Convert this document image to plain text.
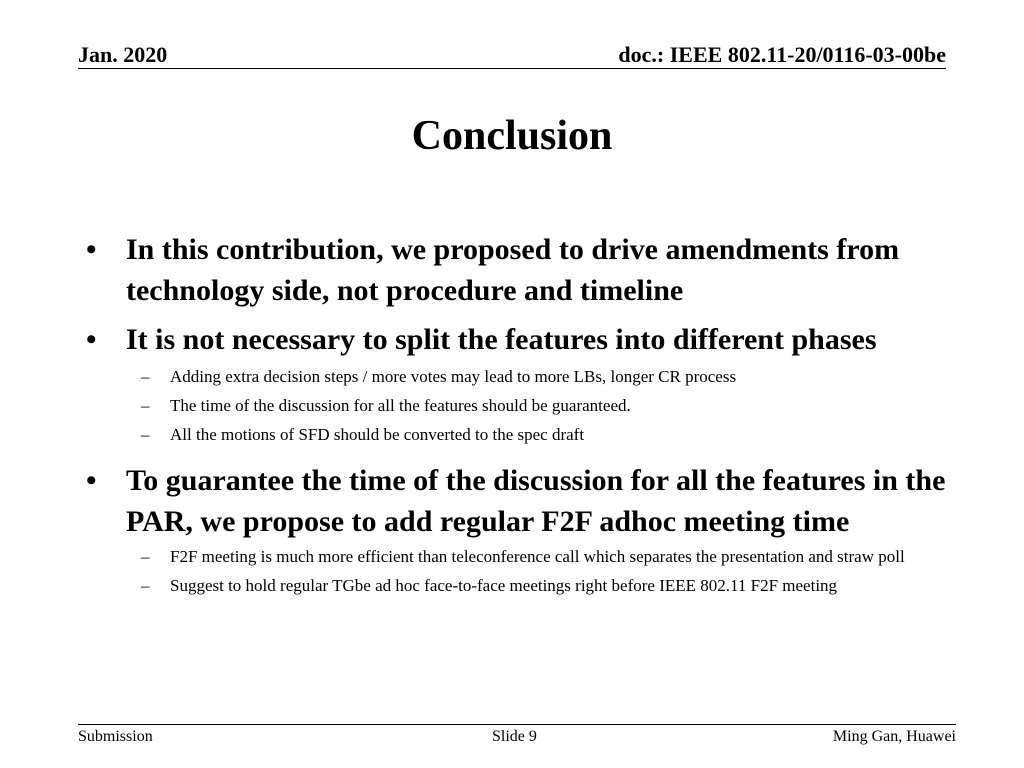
Jan. 2020	doc.: IEEE 802.11-20/0116-03-00be
Conclusion

• In this contribution, we proposed to drive amendments from technology side, not procedure and timeline

• It is not necessary to split the features into different phases

– Adding extra decision steps / more votes may lead to more LBs, longer CR process

– The time of the discussion for all the features should be guaranteed.

– All the motions of SFD should be converted to the spec draft

• To guarantee the time of the discussion for all the features in the PAR, we propose to add regular F2F adhoc meeting time

– F2F meeting is much more efficient than teleconference call which separates the presentation and straw poll

– Suggest to hold regular TGbe ad hoc face-to-face meetings right before IEEE 802.11 F2F meeting

Submission	Slide 9	Ming Gan, Huawei
